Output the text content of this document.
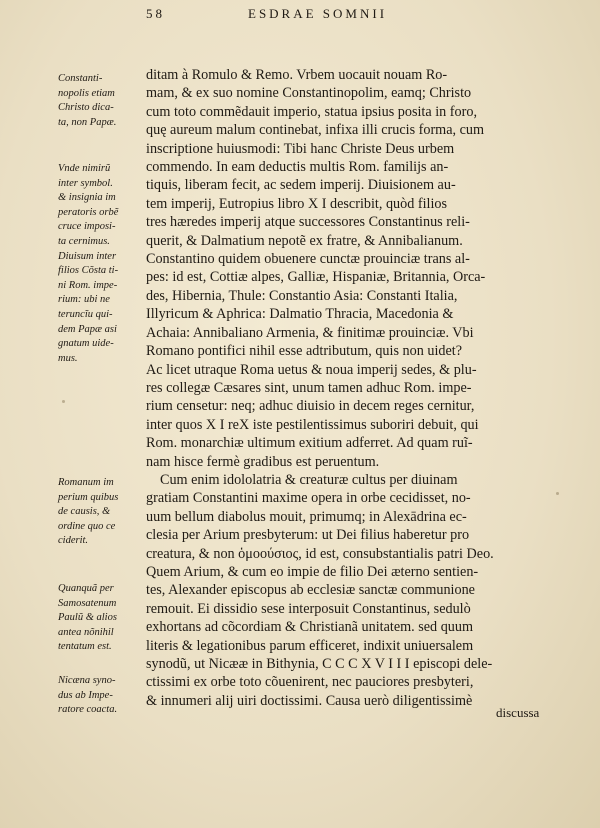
58	ESDRAE SOMNII
Constanti-
nopolis etiam
Christo dica-
ta, non Papæ.
Vnde nimirũ
inter symbol.
& insignia im
peratoris orbẽ
cruce imposi-
ta cernimus.
Diuisum inter
filios Cõsta ti-
ni Rom. impe-
rium: ubi ne
teruncĩu qui-
dem Papæ asi
gnatum uide-
mus.
Romanum im
perium quibus
de causis, &
ordine quo ce
ciderit.
Quanquã per
Samosatenum
Paulũ & alios
antea nõnihil
tentatum est.
Nicæna syno-
dus ab Impe-
ratore coacta.
ditam à Romulo & Remo. Vrbem uocauit nouam Ro-
mam, & ex suo nomine Constantinopolim, eamq; Christo
cum toto commẽdauit imperio, statua ipsius posita in foro,
quę aureum malum continebat, infixa illi crucis forma, cum
inscriptione huiusmodi: Tibi hanc Christe Deus urbem
commendo. In eam deductis multis Rom. familijs an-
tiquis, liberam fecit, ac sedem imperij. Diuisionem au-
tem imperij, Eutropius libro X I describit, quòd filios
tres hæredes imperij atque successores Constantinus reli-
querit, & Dalmatium nepotẽ ex fratre, & Annibalianum.
Constantino quidem obuenere cunctæ prouinciæ trans al-
pes: id est, Cottiæ alpes, Galliæ, Hispaniæ, Britannia, Orca-
des, Hibernia, Thule: Constantio Asia: Constanti Italia,
Illyricum & Aphrica: Dalmatio Thracia, Macedonia &
Achaia: Annibaliano Armenia, & finitimæ prouinciæ. Vbi
Romano pontifici nihil esse adtributum, quis non uidet?
Ac licet utraque Roma uetus & noua imperij sedes, & plu-
res collegæ Cæsares sint, unum tamen adhuc Rom. impe-
rium censetur: neq; adhuc diuisio in decem reges cernitur,
inter quos X I reX iste pestilentissimus suboriri debuit, qui
Rom. monarchiæ ultimum exitium adferret. Ad quam ruĩ-
nam hisce fermè gradibus est peruentum.
Cum enim idololatria & creaturæ cultus per diuinam
gratiam Constantini maxime opera in orbe cecidisset, no-
uum bellum diabolus mouit, primumq; in Alexādrina ec-
clesia per Arium presbyterum: ut Dei filius haberetur pro
creatura, & non ὁμοούσιος, id est, consubstantialis patri Deo.
Quem Arium, & cum eo impie de filio Dei æterno sentien-
tes, Alexander episcopus ab ecclesiæ sanctæ communione
remouit. Ei dissidio sese interposuit Constantinus, sedulò
exhortans ad cõcordiam & Christianã unitatem. sed quum
literis & legationibus parum efficeret, indixit uniuersalem
synodũ, ut Nicææ in Bithynia, C C C X V I I I episcopi dele-
ctissimi ex orbe toto cõuenirent, nec pauciores presbyteri,
& innumeri alij uiri doctissimi. Causa uerò diligentissimè
discussa
